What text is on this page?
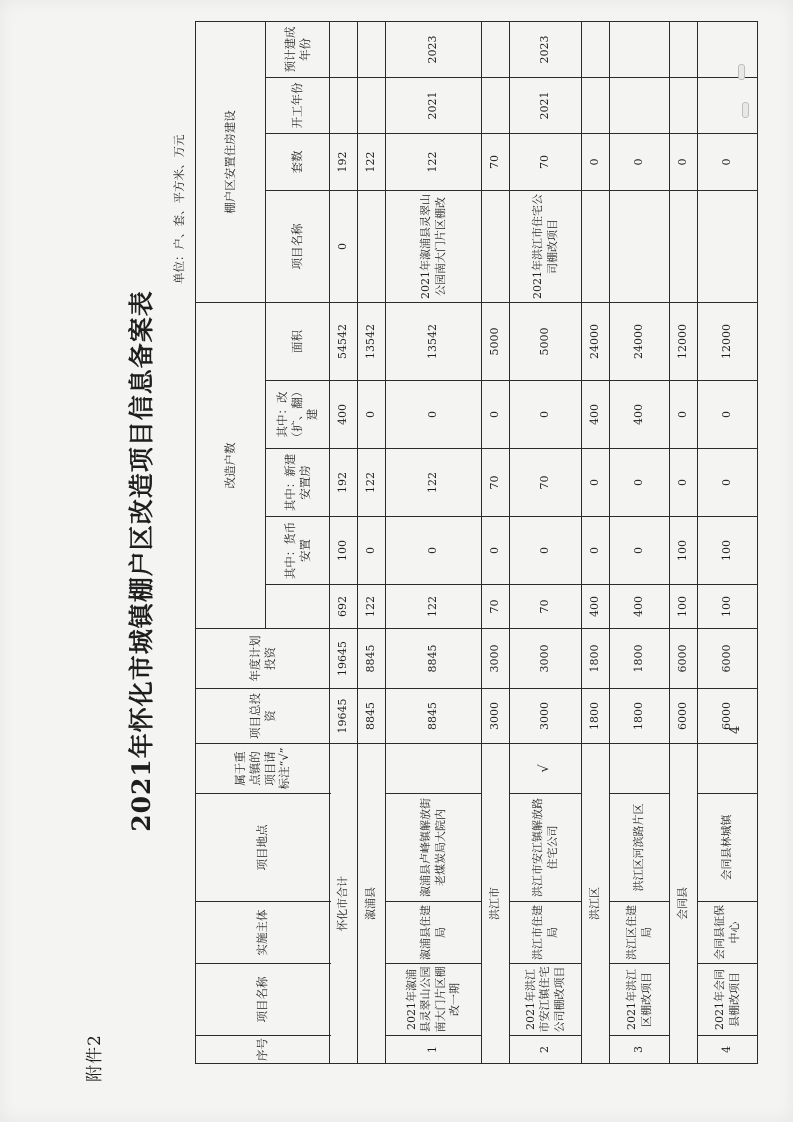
附件2
2021年怀化市城镇棚户区改造项目信息备案表
单位：户、套、平方米、万元
序号	项目名称	实施主体	项目地点	属于重点镇的项目请标注“√”	项目总投资	年度计划投资	改造户数					棚户区安置住房建设			
								其中：货币安置	其中：新建安置房	其中：改（扩、翻）建	面积	项目名称	套数	开工年份	预计建成年份

怀化市合计					19645	19645	692	100	192	400	54542	0	192		
溆浦县					8845	8845	122	0	122	0	13542		122		
1	2021年溆浦县灵翠山公园南大门片区棚改一期	溆浦县住建局	溆浦县卢峰镇解放街老煤炭局大院内		8845	8845	122	0	122	0	13542	2021年溆浦县灵翠山公园南大门片区棚改	122	2021	2023
洪江市					3000	3000	70	0	70	0	5000		70		
2	2021年洪江市安江镇住宅公司棚改项目	洪江市住建局	洪江市安江镇解放路住宅公司	√	3000	3000	70	0	70	0	5000	2021年洪江市住宅公司棚改项目	70	2021	2023
洪江区					1800	1800	400	0	0	400	24000		0		
3	2021年洪江区棚改项目	洪江区住建局	洪江区河滨路片区		1800	1800	400	0	0	400	24000		0		
会同县					6000	6000	100	100	0	0	12000		0		
4	2021年会同县棚改项目	会同县征保中心	会同县林城镇		6000	6000	100	100	0	0	12000		0		
4
